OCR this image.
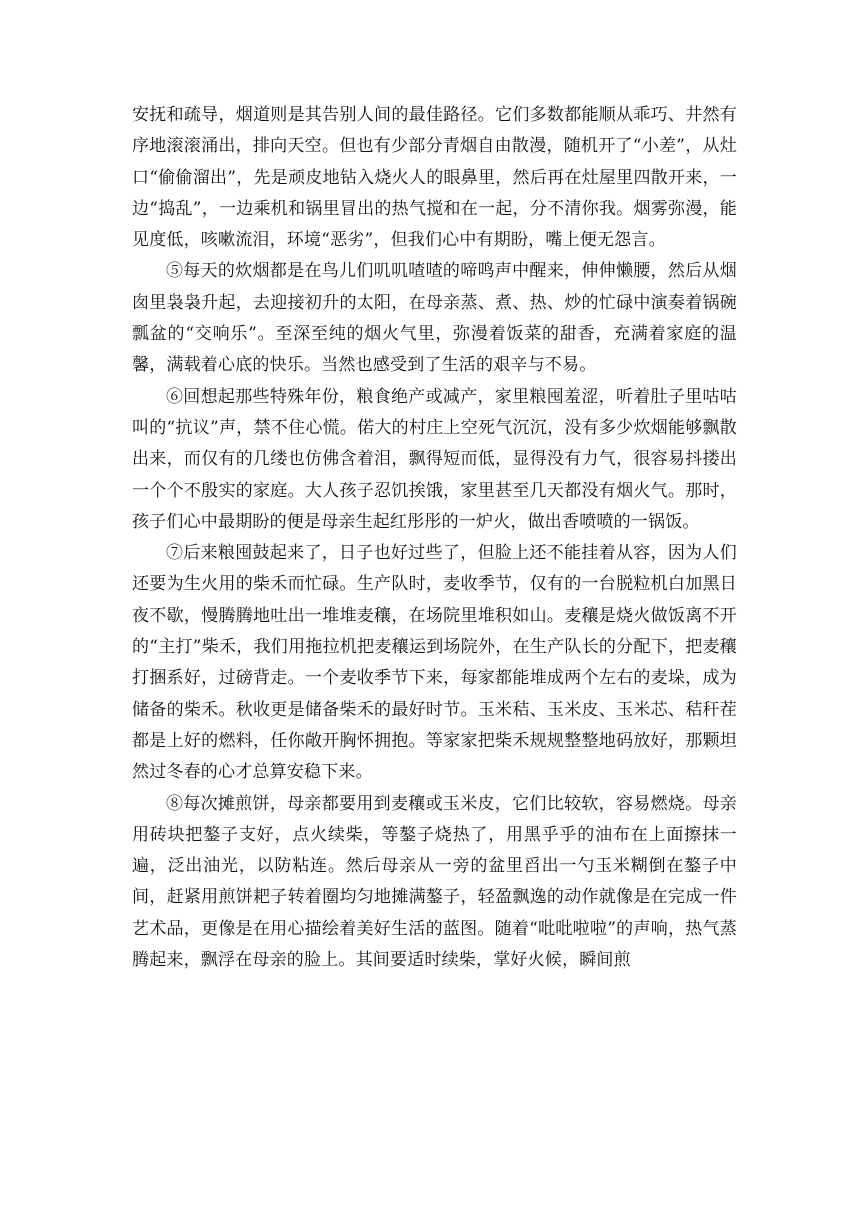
安抚和疏导，烟道则是其告别人间的最佳路径。它们多数都能顺从乖巧、井然有序地滚滚涌出，排向天空。但也有少部分青烟自由散漫，随机开了“小差”，从灶口“偷偷溜出”，先是顽皮地钻入烧火人的眼鼻里，然后再在灶屋里四散开来，一边“捣乱”，一边乘机和锅里冒出的热气搅和在一起，分不清你我。烟雾弥漫，能见度低，咳嗽流泪，环境“恶劣”，但我们心中有期盼，嘴上便无怨言。

⑤每天的炊烟都是在鸟儿们叽叽喳喳的啼鸣声中醒来，伸伸懒腰，然后从烟囱里袅袅升起，去迎接初升的太阳，在母亲蒸、煮、热、炒的忙碌中演奏着锅碗瓢盆的“交响乐”。至深至纯的烟火气里，弥漫着饭菜的甜香，充满着家庭的温馨，满载着心底的快乐。当然也感受到了生活的艰辛与不易。

⑥回想起那些特殊年份，粮食绝产或减产，家里粮囤羞涩，听着肚子里咕咕叫的“抗议”声，禁不住心慌。偌大的村庄上空死气沉沉，没有多少炊烟能够飘散出来，而仅有的几缕也仿佛含着泪，飘得短而低，显得没有力气，很容易抖搂出一个个不殷实的家庭。大人孩子忍饥挨饿，家里甚至几天都没有烟火气。那时，孩子们心中最期盼的便是母亲生起红彤彤的一炉火，做出香喷喷的一锅饭。

⑦后来粮囤鼓起来了，日子也好过些了，但脸上还不能挂着从容，因为人们还要为生火用的柴禾而忙碌。生产队时，麦收季节，仅有的一台脱粒机白加黑日夜不歇，慢腾腾地吐出一堆堆麦穰，在场院里堆积如山。麦穰是烧火做饭离不开的“主打”柴禾，我们用拖拉机把麦穰运到场院外，在生产队长的分配下，把麦穰打捆系好，过磅背走。一个麦收季节下来，每家都能堆成两个左右的麦垛，成为储备的柴禾。秋收更是储备柴禾的最好时节。玉米秸、玉米皮、玉米芯、秸秆茬都是上好的燃料，任你敞开胸怀拥抱。等家家把柴禾规规整整地码放好，那颗坦然过冬春的心才总算安稳下来。

⑧每次摊煎饼，母亲都要用到麦穰或玉米皮，它们比较软，容易燃烧。母亲用砖块把鏊子支好，点火续柴，等鏊子烧热了，用黑乎乎的油布在上面擦抹一遍，泛出油光，以防粘连。然后母亲从一旁的盆里舀出一勺玉米糊倒在鏊子中间，赶紧用煎饼耙子转着圈均匀地摊满鏊子，轻盈飘逸的动作就像是在完成一件艺术品，更像是在用心描绘着美好生活的蓝图。随着“吡吡啦啦”的声响，热气蒸腾起来，飘浮在母亲的脸上。其间要适时续柴，掌好火候，瞬间煎
